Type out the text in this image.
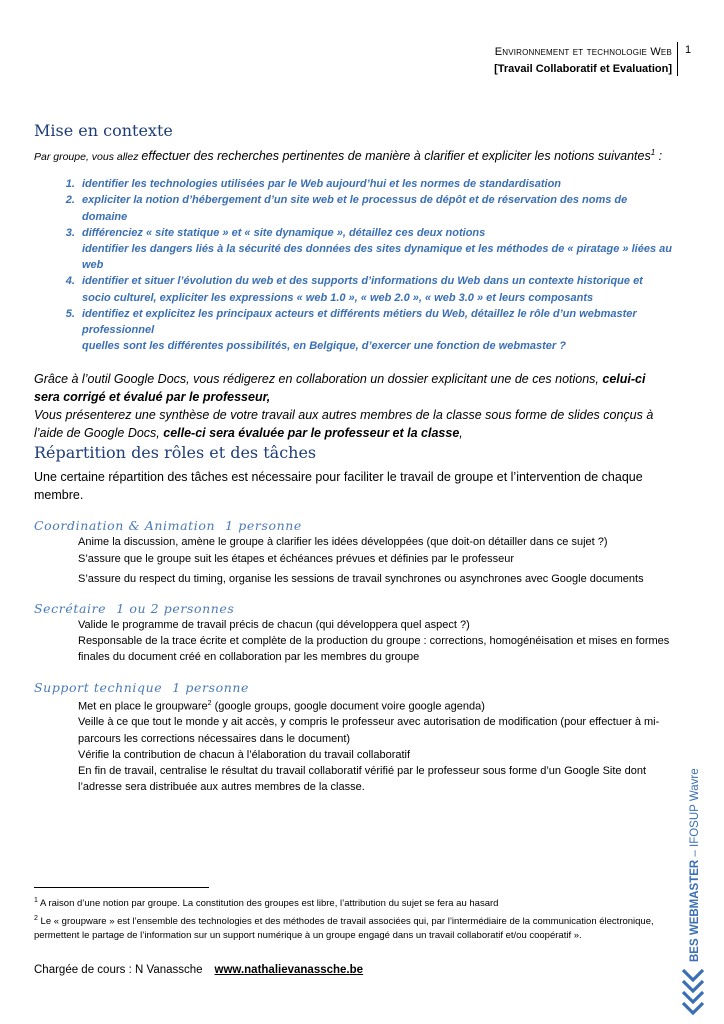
Environnement et technologie Web
[Travail Collaboratif et Evaluation]
1
Mise en contexte

Par groupe, vous allez effectuer des recherches pertinentes de manière à clarifier et expliciter les notions suivantes$^1$ :

1. identifier les technologies utilisées par le Web aujourd’hui et les normes de standardisation
2. expliciter la notion d’hébergement d’un site web et le processus de dépôt et de réservation des noms de domaine
3. différenciez « site statique » et « site dynamique », détaillez ces deux notions
identifier les dangers liés à la sécurité des données des sites dynamique et les méthodes de « piratage » liées au web
4. identifier et situer l’évolution du web et des supports d’informations du Web dans un contexte historique et socio culturel, expliciter les expressions « web 1.0 », « web 2.0 », « web 3.0 » et leurs composants
5. identifiez et explicitez les principaux acteurs et différents métiers du Web, détaillez le rôle d’un webmaster professionnel
quelles sont les différentes possibilités, en Belgique, d’exercer une fonction de webmaster ?
Grâce à l’outil Google Docs, vous rédigerez en collaboration un dossier explicitant une de ces notions, celui-ci sera corrigé et évalué par le professeur,
Vous présenterez une synthèse de votre travail aux autres membres de la classe sous forme de slides conçus à l’aide de Google Docs, celle-ci sera évaluée par le professeur et la classe,
Répartition des rôles et des tâches
Une certaine répartition des tâches est nécessaire pour faciliter le travail de groupe et l’intervention de chaque membre.
Coordination & Animation 1 personne
Anime la discussion, amène le groupe à clarifier les idées développées (que doit-on détailler dans ce sujet ?)
S’assure que le groupe suit les étapes et échéances prévues et définies par le professeur
S’assure du respect du timing, organise les sessions de travail synchrones ou asynchrones avec Google documents
Secrétaire 1 ou 2 personnes
Valide le programme de travail précis de chacun (qui développera quel aspect ?)
Responsable de la trace écrite et complète de la production du groupe : corrections, homogénéisation et mises en formes finales du document créé en collaboration par les membres du groupe
Support technique 1 personne
Met en place le groupware$^2$ (google groups, google document voire google agenda)
Veille à ce que tout le monde y ait accès, y compris le professeur avec autorisation de modification (pour effectuer à mi-parcours les corrections nécessaires dans le document)
Vérifie la contribution de chacun à l’élaboration du travail collaboratif
En fin de travail, centralise le résultat du travail collaboratif vérifié par le professeur sous forme d’un Google Site dont l’adresse sera distribuée aux autres membres de la classe.
$^1$ A raison d’une notion par groupe. La constitution des groupes est libre, l’attribution du sujet se fera au hasard
$^2$ Le « groupware » est l’ensemble des technologies et des méthodes de travail associées qui, par l’intermédiaire de la communication électronique, permettent le partage de l’information sur un support numérique à un groupe engagé dans un travail collaboratif et/ou coopératif ».
Chargée de cours : N Vanassche www.nathalievanassche.be
BES WEBMASTER – IFOSUP Wavre
